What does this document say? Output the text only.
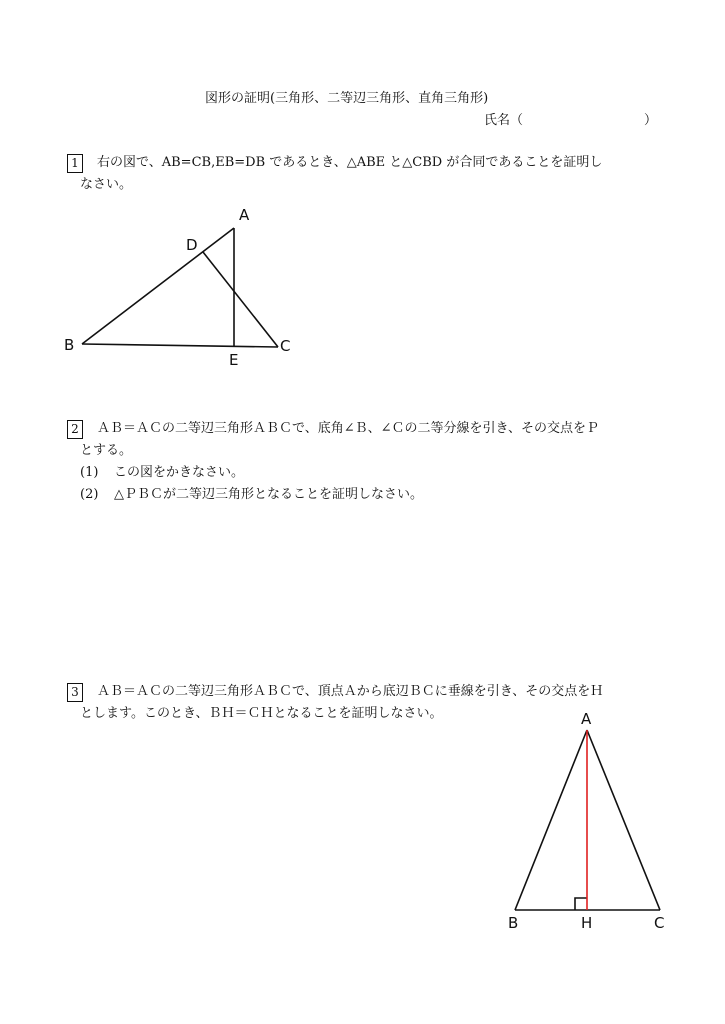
図形の証明(三角形、二等辺三角形、直角三角形)
氏名（	）
1	右の図で、AB=CB,EB=DB であるとき、△ABE と△CBD が合同であることを証明し
なさい。
A
D
B	C
E
2	ＡＢ＝ＡＣの二等辺三角形ＡＢＣで、底角∠Ｂ、∠Ｃの二等分線を引き、その交点をＰ
とする。
(1) この図をかきなさい。
(2) △ＰＢＣが二等辺三角形となることを証明しなさい。
3	ＡＢ＝ＡＣの二等辺三角形ＡＢＣで、頂点Ａから底辺ＢＣに垂線を引き、その交点をＨ
とします。このとき、ＢＨ＝ＣＨとなることを証明しなさい。	A
B	H	C
